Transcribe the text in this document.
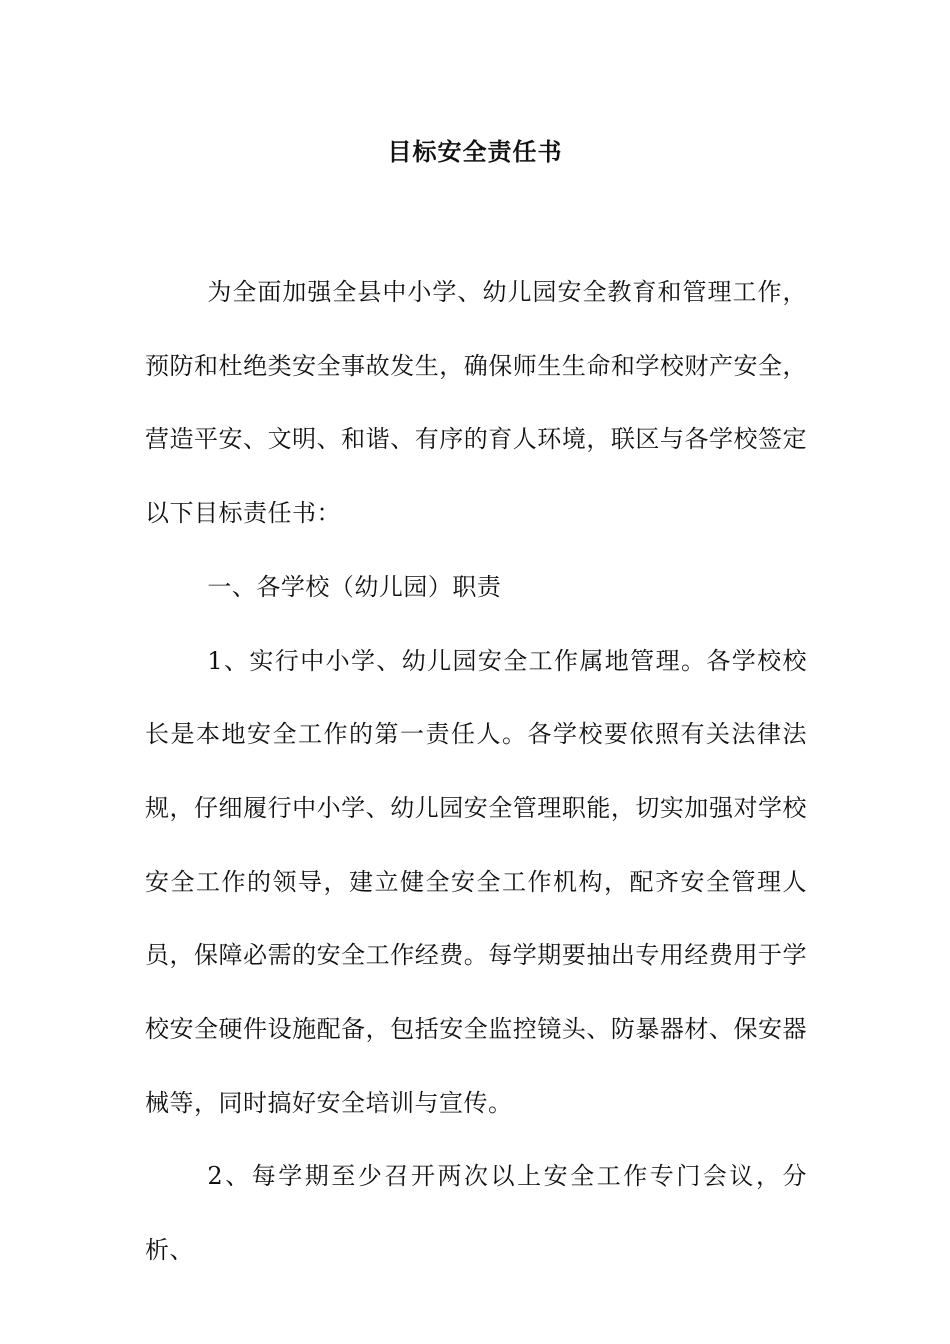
目标安全责任书

为全面加强全县中小学、幼儿园安全教育和管理工作，预防和杜绝类安全事故发生，确保师生生命和学校财产安全，营造平安、文明、和谐、有序的育人环境，联区与各学校签定以下目标责任书：

一、各学校（幼儿园）职责

1、实行中小学、幼儿园安全工作属地管理。各学校校长是本地安全工作的第一责任人。各学校要依照有关法律法规，仔细履行中小学、幼儿园安全管理职能，切实加强对学校安全工作的领导，建立健全安全工作机构，配齐安全管理人员，保障必需的安全工作经费。每学期要抽出专用经费用于学校安全硬件设施配备，包括安全监控镜头、防暴器材、保安器械等，同时搞好安全培训与宣传。

2、每学期至少召开两次以上安全工作专门会议，分析、
